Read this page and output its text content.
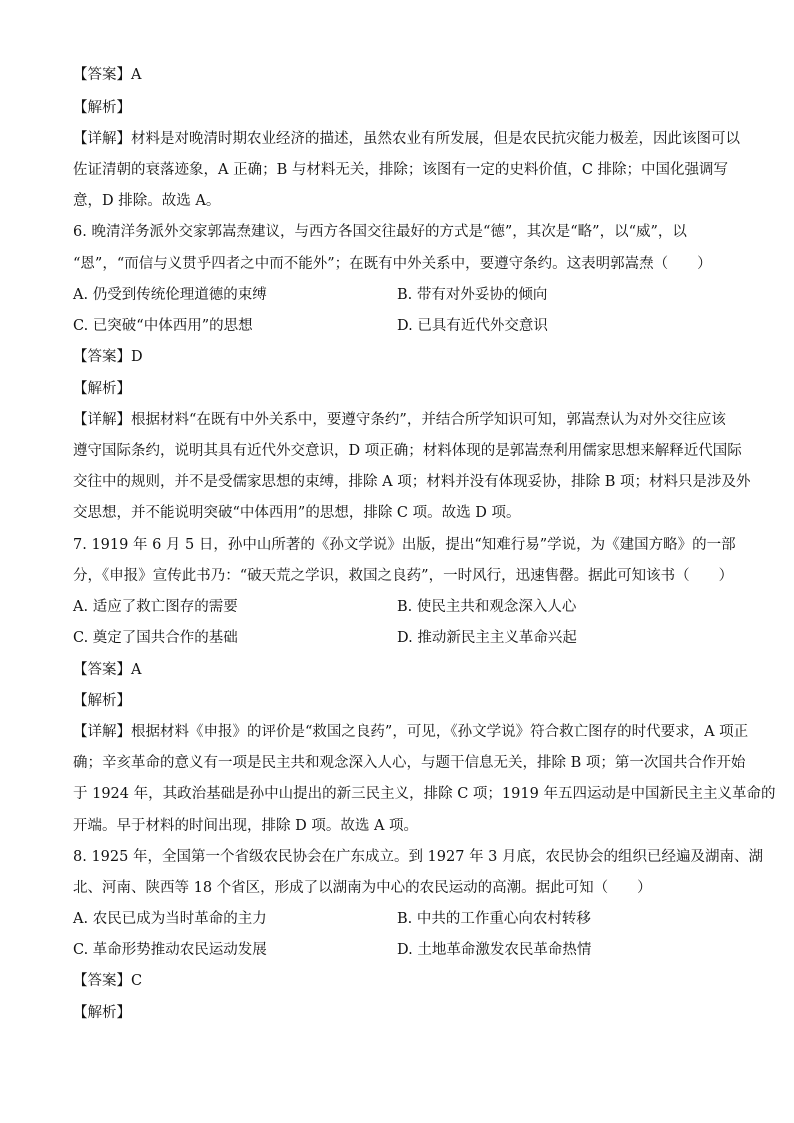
【答案】A
【解析】
【详解】材料是对晚清时期农业经济的描述，虽然农业有所发展，但是农民抗灾能力极差，因此该图可以
佐证清朝的衰落迹象，A 正确；B 与材料无关，排除；该图有一定的史料价值，C 排除；中国化强调写
意，D 排除。故选 A。
6. 晚清洋务派外交家郭嵩焘建议，与西方各国交往最好的方式是“德”，其次是“略”，以“威”，以
“恩”，“而信与义贯乎四者之中而不能外”；在既有中外关系中，要遵守条约。这表明郭嵩焘（　　）
A. 仍受到传统伦理道德的束缚	B. 带有对外妥协的倾向
C. 已突破“中体西用”的思想	D. 已具有近代外交意识
【答案】D
【解析】
【详解】根据材料“在既有中外关系中，要遵守条约”，并结合所学知识可知，郭嵩焘认为对外交往应该
遵守国际条约，说明其具有近代外交意识，D 项正确；材料体现的是郭嵩焘利用儒家思想来解释近代国际
交往中的规则，并不是受儒家思想的束缚，排除 A 项；材料并没有体现妥协，排除 B 项；材料只是涉及外
交思想，并不能说明突破“中体西用”的思想，排除 C 项。故选 D 项。
7. 1919 年 6 月 5 日，孙中山所著的《孙文学说》出版，提出“知难行易”学说，为《建国方略》的一部
分，《申报》宣传此书乃：“破天荒之学识，救国之良药”，一时风行，迅速售罄。据此可知该书（　　）
A. 适应了救亡图存的需要	B. 使民主共和观念深入人心
C. 奠定了国共合作的基础	D. 推动新民主主义革命兴起
【答案】A
【解析】
【详解】根据材料《申报》的评价是“救国之良药”，可见，《孙文学说》符合救亡图存的时代要求，A 项正
确；辛亥革命的意义有一项是民主共和观念深入人心，与题干信息无关，排除 B 项；第一次国共合作开始
于 1924 年，其政治基础是孙中山提出的新三民主义，排除 C 项；1919 年五四运动是中国新民主主义革命的
开端。早于材料的时间出现，排除 D 项。故选 A 项。
8. 1925 年，全国第一个省级农民协会在广东成立。到 1927 年 3 月底，农民协会的组织已经遍及湖南、湖
北、河南、陕西等 18 个省区，形成了以湖南为中心的农民运动的高潮。据此可知（　　）
A. 农民已成为当时革命的主力	B. 中共的工作重心向农村转移
C. 革命形势推动农民运动发展	D. 土地革命激发农民革命热情
【答案】C
【解析】
